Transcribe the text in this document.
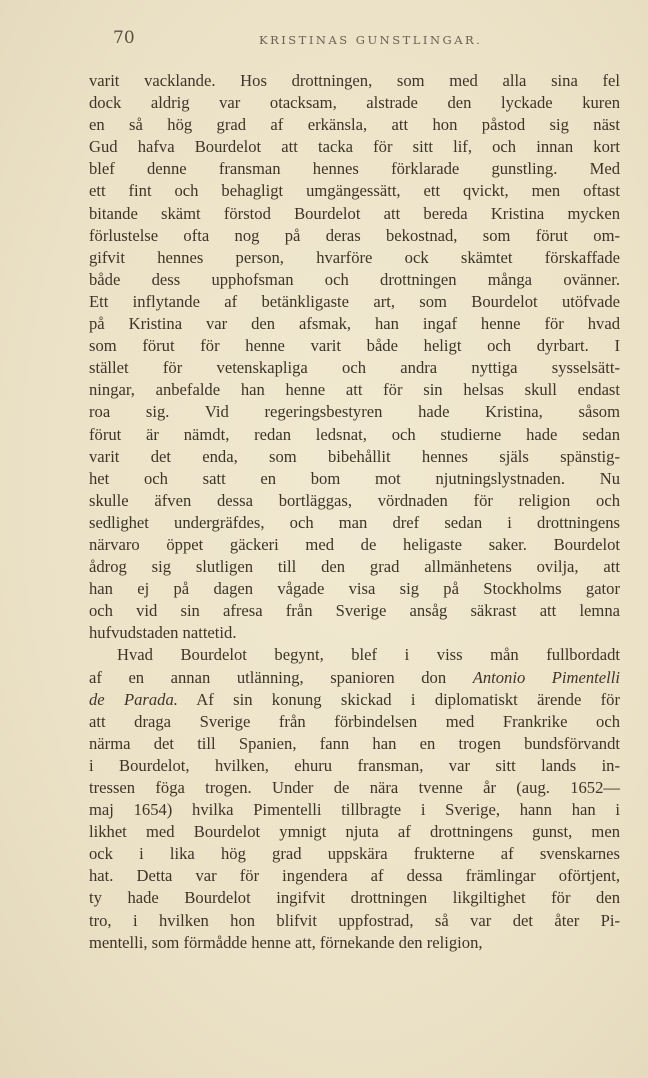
70	KRISTINAS GUNSTLINGAR.
varit vacklande. Hos drottningen, som med alla sina fel
dock aldrig var otacksam, alstrade den lyckade kuren
en så hög grad af erkänsla, att hon påstod sig näst
Gud hafva Bourdelot att tacka för sitt lif, och innan kort
blef denne fransman hennes förklarade gunstling. Med
ett fint och behagligt umgängessätt, ett qvickt, men oftast
bitande skämt förstod Bourdelot att bereda Kristina mycken
förlustelse ofta nog på deras bekostnad, som förut om-
gifvit hennes person, hvarföre ock skämtet förskaffade
både dess upphofsman och drottningen många ovänner.
Ett inflytande af betänkligaste art, som Bourdelot utöfvade
på Kristina var den afsmak, han ingaf henne för hvad
som förut för henne varit både heligt och dyrbart. I
stället för vetenskapliga och andra nyttiga sysselsätt-
ningar, anbefalde han henne att för sin helsas skull endast
roa sig. Vid regeringsbestyren hade Kristina, såsom
förut är nämdt, redan ledsnat, och studierne hade sedan
varit det enda, som bibehållit hennes själs spänstig-
het och satt en bom mot njutningslystnaden. Nu
skulle äfven dessa bortläggas, vördnaden för religion och
sedlighet undergräfdes, och man dref sedan i drottningens
närvaro öppet gäckeri med de heligaste saker. Bourdelot
ådrog sig slutligen till den grad allmänhetens ovilja, att
han ej på dagen vågade visa sig på Stockholms gator
och vid sin afresa från Sverige ansåg säkrast att lemna
hufvudstaden nattetid.
Hvad Bourdelot begynt, blef i viss mån fullbordadt
af en annan utlänning, spanioren don Antonio Pimentelli
de Parada. Af sin konung skickad i diplomatiskt ärende för
att draga Sverige från förbindelsen med Frankrike och
närma det till Spanien, fann han en trogen bundsförvandt
i Bourdelot, hvilken, ehuru fransman, var sitt lands in-
tressen föga trogen. Under de nära tvenne år (aug. 1652—
maj 1654) hvilka Pimentelli tillbragte i Sverige, hann han i
likhet med Bourdelot ymnigt njuta af drottningens gunst, men
ock i lika hög grad uppskära frukterne af svenskarnes
hat. Detta var för ingendera af dessa främlingar oförtjent,
ty hade Bourdelot ingifvit drottningen likgiltighet för den
tro, i hvilken hon blifvit uppfostrad, så var det åter Pi-
mentelli, som förmådde henne att, förnekande den religion,
